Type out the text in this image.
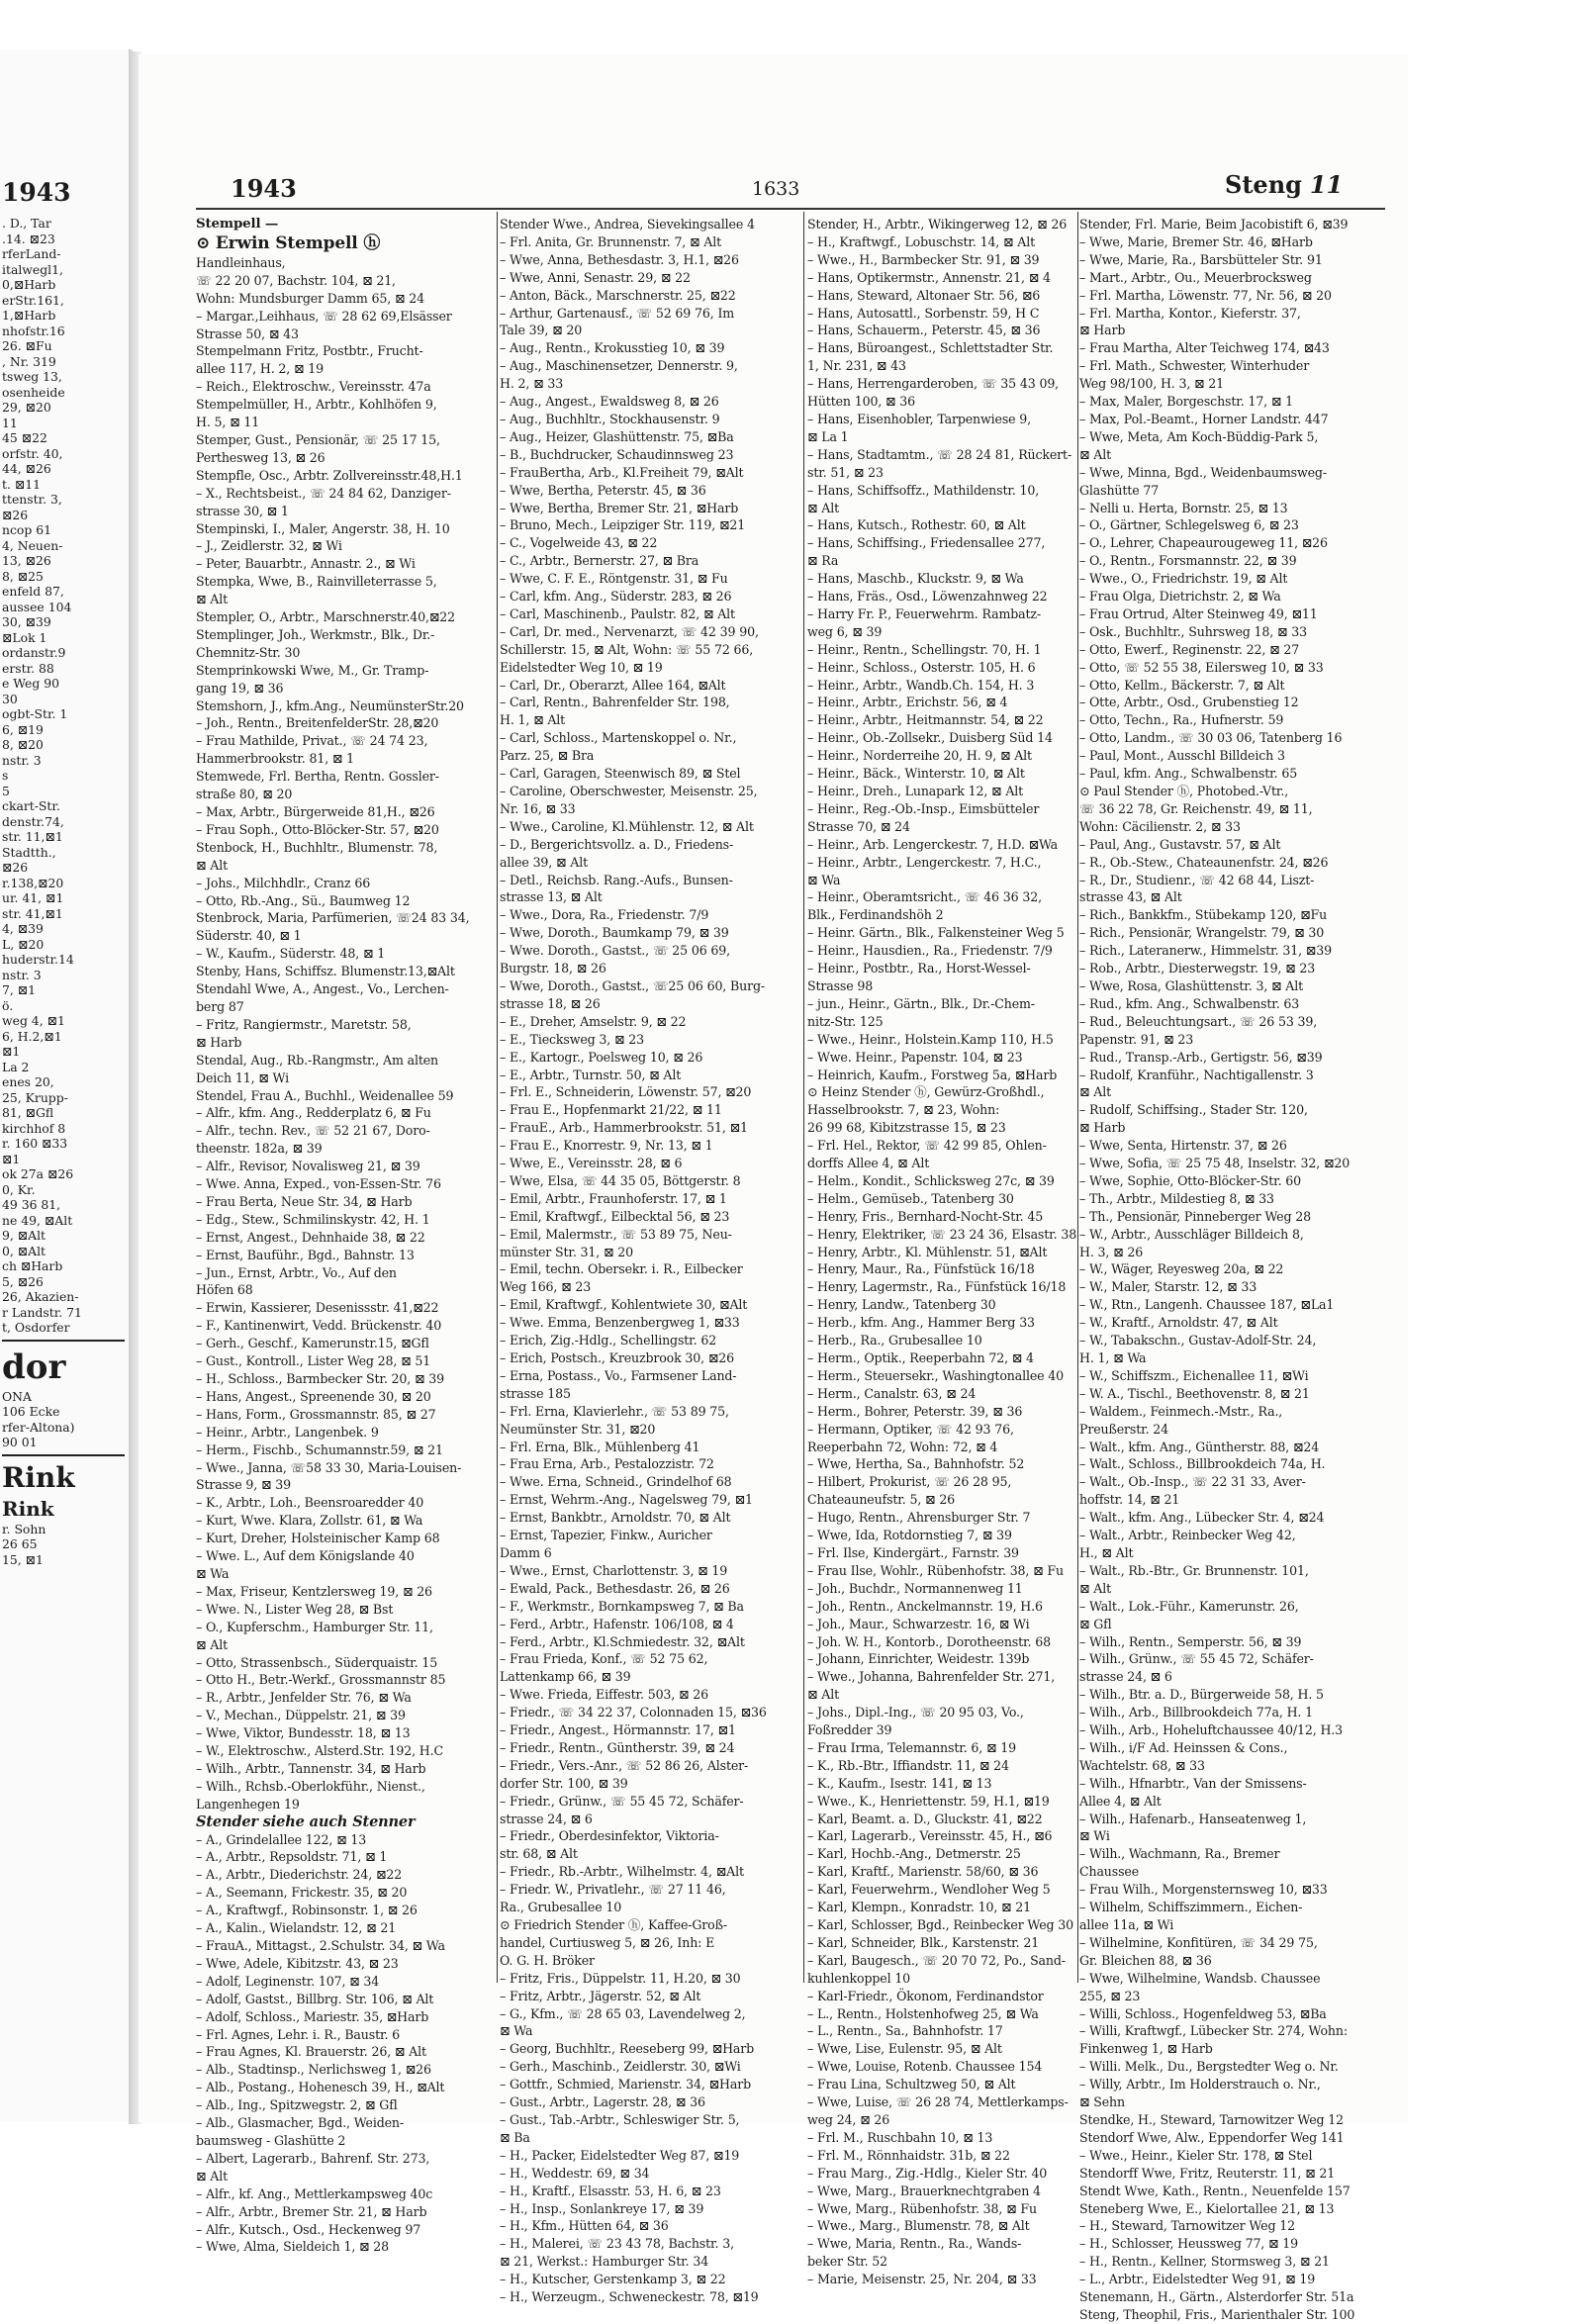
1943
. D., Tar
.14. ⊠23
rferLand-
italwegl1,
0,⊠Harb
erStr.161,
1,⊠Harb
nhofstr.16
26. ⊠Fu
, Nr. 319
tsweg 13,
osenheide
29, ⊠20
11
45 ⊠22
orfstr. 40,
44, ⊠26
t. ⊠11
ttenstr. 3,
⊠26
ncop 61
4, Neuen-
13, ⊠26
8, ⊠25
enfeld 87,
aussee 104
30, ⊠39
⊠Lok 1
ordanstr.9
erstr. 88
e Weg 90
30
ogbt-Str. 1
6, ⊠19
8, ⊠20
nstr. 3
s
5
ckart-Str.
denstr.74,
str. 11,⊠1
Stadtth.,
⊠26
r.138,⊠20
ur. 41, ⊠1
str. 41,⊠1
4, ⊠39
L, ⊠20
huderstr.14
nstr. 3
7, ⊠1
ö.
weg 4, ⊠1
6, H.2,⊠1
⊠1
La 2
enes 20,
25, Krupp-
81, ⊠Gfl
kirchhof 8
r. 160 ⊠33
⊠1
ok 27a ⊠26
0, Kr.
49 36 81,
ne 49, ⊠Alt
9, ⊠Alt
0, ⊠Alt
ch ⊠Harb
5, ⊠26
26, Akazien-
r Landstr. 71
t, Osdorfer
dor
ONA
106 Ecke
rfer-Altona)
90 01
Rink
Rink
r. Sohn
26 65
15, ⊠1
1943	1633	Steng 11
Stempell —
⊙ Erwin Stempell ⓗ
Handleinhaus,
☏ 22 20 07, Bachstr. 104, ⊠ 21,
Wohn: Mundsburger Damm 65, ⊠ 24
– Margar.,Leihhaus, ☏ 28 62 69,Elsässer
Strasse 50, ⊠ 43
Stempelmann Fritz, Postbtr., Frucht-
allee 117, H. 2, ⊠ 19
– Reich., Elektroschw., Vereinsstr. 47a
Stempelmüller, H., Arbtr., Kohlhöfen 9,
H. 5, ⊠ 11
Stemper, Gust., Pensionär, ☏ 25 17 15,
Perthesweg 13, ⊠ 26
Stempfle, Osc., Arbtr. Zollvereinsstr.48,H.1
– X., Rechtsbeist., ☏ 24 84 62, Danziger-
strasse 30, ⊠ 1
Stempinski, I., Maler, Angerstr. 38, H. 10
– J., Zeidlerstr. 32, ⊠ Wi
– Peter, Bauarbtr., Annastr. 2., ⊠ Wi
Stempka, Wwe, B., Rainvilleterrasse 5,
⊠ Alt
Stempler, O., Arbtr., Marschnerstr.40,⊠22
Stemplinger, Joh., Werkmstr., Blk., Dr.-
Chemnitz-Str. 30
Stemprinkowski Wwe, M., Gr. Tramp-
gang 19, ⊠ 36
Stemshorn, J., kfm.Ang., NeumünsterStr.20
– Joh., Rentn., BreitenfelderStr. 28,⊠20
– Frau Mathilde, Privat., ☏ 24 74 23,
Hammerbrookstr. 81, ⊠ 1
Stemwede, Frl. Bertha, Rentn. Gossler-
straße 80, ⊠ 20
– Max, Arbtr., Bürgerweide 81,H., ⊠26
– Frau Soph., Otto-Blöcker-Str. 57, ⊠20
Stenbock, H., Buchhltr., Blumenstr. 78,
⊠ Alt
– Johs., Milchhdlr., Cranz 66
– Otto, Rb.-Ang., Sü., Baumweg 12
Stenbrock, Maria, Parfümerien, ☏24 83 34,
Süderstr. 40, ⊠ 1
– W., Kaufm., Süderstr. 48, ⊠ 1
Stenby, Hans, Schiffsz. Blumenstr.13,⊠Alt
Stendahl Wwe, A., Angest., Vo., Lerchen-
berg 87
– Fritz, Rangiermstr., Maretstr. 58,
⊠ Harb
Stendal, Aug., Rb.-Rangmstr., Am alten
Deich 11, ⊠ Wi
Stendel, Frau A., Buchhl., Weidenallee 59
– Alfr., kfm. Ang., Redderplatz 6, ⊠ Fu
– Alfr., techn. Rev., ☏ 52 21 67, Doro-
theenstr. 182a, ⊠ 39
– Alfr., Revisor, Novalisweg 21, ⊠ 39
– Wwe. Anna, Exped., von-Essen-Str. 76
– Frau Berta, Neue Str. 34, ⊠ Harb
– Edg., Stew., Schmilinskystr. 42, H. 1
– Ernst, Angest., Dehnhaide 38, ⊠ 22
– Ernst, Bauführ., Bgd., Bahnstr. 13
– Jun., Ernst, Arbtr., Vo., Auf den
Höfen 68
– Erwin, Kassierer, Desenissstr. 41,⊠22
– F., Kantinenwirt, Vedd. Brückenstr. 40
– Gerh., Geschf., Kamerunstr.15, ⊠Gfl
– Gust., Kontroll., Lister Weg 28, ⊠ 51
– H., Schloss., Barmbecker Str. 20, ⊠ 39
– Hans, Angest., Spreenende 30, ⊠ 20
– Hans, Form., Grossmannstr. 85, ⊠ 27
– Heinr., Arbtr., Langenbek. 9
– Herm., Fischb., Schumannstr.59, ⊠ 21
– Wwe., Janna, ☏58 33 30, Maria-Louisen-
Strasse 9, ⊠ 39
– K., Arbtr., Loh., Beensroaredder 40
– Kurt, Wwe. Klara, Zollstr. 61, ⊠ Wa
– Kurt, Dreher, Holsteinischer Kamp 68
– Wwe. L., Auf dem Königslande 40
⊠ Wa
– Max, Friseur, Kentzlersweg 19, ⊠ 26
– Wwe. N., Lister Weg 28, ⊠ Bst
– O., Kupferschm., Hamburger Str. 11,
⊠ Alt
– Otto, Strassenbsch., Süderquaistr. 15
– Otto H., Betr.-Werkf., Grossmannstr 85
– R., Arbtr., Jenfelder Str. 76, ⊠ Wa
– V., Mechan., Düppelstr. 21, ⊠ 39
– Wwe, Viktor, Bundesstr. 18, ⊠ 13
– W., Elektroschw., Alsterd.Str. 192, H.C
– Wilh., Arbtr., Tannenstr. 34, ⊠ Harb
– Wilh., Rchsb.-Oberlokführ., Nienst.,
Langenhegen 19
Stender siehe auch Stenner
– A., Grindelallee 122, ⊠ 13
– A., Arbtr., Repsoldstr. 71, ⊠ 1
– A., Arbtr., Diederichstr. 24, ⊠22
– A., Seemann, Frickestr. 35, ⊠ 20
– A., Kraftwgf., Robinsonstr. 1, ⊠ 26
– A., Kalin., Wielandstr. 12, ⊠ 21
– FrauA., Mittagst., 2.Schulstr. 34, ⊠ Wa
– Wwe, Adele, Kibitzstr. 43, ⊠ 23
– Adolf, Leginenstr. 107, ⊠ 34
– Adolf, Gastst., Billbrg. Str. 106, ⊠ Alt
– Adolf, Schloss., Mariestr. 35, ⊠Harb
– Frl. Agnes, Lehr. i. R., Baustr. 6
– Frau Agnes, Kl. Brauerstr. 26, ⊠ Alt
– Alb., Stadtinsp., Nerlichsweg 1, ⊠26
– Alb., Postang., Hohenesch 39, H., ⊠Alt
– Alb., Ing., Spitzwegstr. 2, ⊠ Gfl
– Alb., Glasmacher, Bgd., Weiden-
baumsweg - Glashütte 2
– Albert, Lagerarb., Bahrenf. Str. 273,
⊠ Alt
– Alfr., kf. Ang., Mettlerkampsweg 40c
– Alfr., Arbtr., Bremer Str. 21, ⊠ Harb
– Alfr., Kutsch., Osd., Heckenweg 97
– Wwe, Alma, Sieldeich 1, ⊠ 28
Stender Wwe., Andrea, Sievekingsallee 4
– Frl. Anita, Gr. Brunnenstr. 7, ⊠ Alt
– Wwe, Anna, Bethesdastr. 3, H.1, ⊠26
– Wwe, Anni, Senastr. 29, ⊠ 22
– Anton, Bäck., Marschnerstr. 25, ⊠22
– Arthur, Gartenausf., ☏ 52 69 76, Im
Tale 39, ⊠ 20
– Aug., Rentn., Krokusstieg 10, ⊠ 39
– Aug., Maschinensetzer, Dennerstr. 9,
H. 2, ⊠ 33
– Aug., Angest., Ewaldsweg 8, ⊠ 26
– Aug., Buchhltr., Stockhausenstr. 9
– Aug., Heizer, Glashüttenstr. 75, ⊠Ba
– B., Buchdrucker, Schaudinnsweg 23
– FrauBertha, Arb., Kl.Freiheit 79, ⊠Alt
– Wwe, Bertha, Peterstr. 45, ⊠ 36
– Wwe, Bertha, Bremer Str. 21, ⊠Harb
– Bruno, Mech., Leipziger Str. 119, ⊠21
– C., Vogelweide 43, ⊠ 22
– C., Arbtr., Bernerstr. 27, ⊠ Bra
– Wwe, C. F. E., Röntgenstr. 31, ⊠ Fu
– Carl, kfm. Ang., Süderstr. 283, ⊠ 26
– Carl, Maschinenb., Paulstr. 82, ⊠ Alt
– Carl, Dr. med., Nervenarzt, ☏ 42 39 90,
Schillerstr. 15, ⊠ Alt, Wohn: ☏ 55 72 66,
Eidelstedter Weg 10, ⊠ 19
– Carl, Dr., Oberarzt, Allee 164, ⊠Alt
– Carl, Rentn., Bahrenfelder Str. 198,
H. 1, ⊠ Alt
– Carl, Schloss., Martenskoppel o. Nr.,
Parz. 25, ⊠ Bra
– Carl, Garagen, Steenwisch 89, ⊠ Stel
– Caroline, Oberschwester, Meisenstr. 25,
Nr. 16, ⊠ 33
– Wwe., Caroline, Kl.Mühlenstr. 12, ⊠ Alt
– D., Bergerichtsvollz. a. D., Friedens-
allee 39, ⊠ Alt
– Detl., Reichsb. Rang.-Aufs., Bunsen-
strasse 13, ⊠ Alt
– Wwe., Dora, Ra., Friedenstr. 7/9
– Wwe, Doroth., Baumkamp 79, ⊠ 39
– Wwe. Doroth., Gastst., ☏ 25 06 69,
Burgstr. 18, ⊠ 26
– Wwe, Doroth., Gastst., ☏25 06 60, Burg-
strasse 18, ⊠ 26
– E., Dreher, Amselstr. 9, ⊠ 22
– E., Tiecksweg 3, ⊠ 23
– E., Kartogr., Poelsweg 10, ⊠ 26
– E., Arbtr., Turnstr. 50, ⊠ Alt
– Frl. E., Schneiderin, Löwenstr. 57, ⊠20
– Frau E., Hopfenmarkt 21/22, ⊠ 11
– FrauE., Arb., Hammerbrookstr. 51, ⊠1
– Frau E., Knorrestr. 9, Nr. 13, ⊠ 1
– Wwe, E., Vereinsstr. 28, ⊠ 6
– Wwe, Elsa, ☏ 44 35 05, Böttgerstr. 8
– Emil, Arbtr., Fraunhoferstr. 17, ⊠ 1
– Emil, Kraftwgf., Eilbecktal 56, ⊠ 23
– Emil, Malermstr., ☏ 53 89 75, Neu-
münster Str. 31, ⊠ 20
– Emil, techn. Obersekr. i. R., Eilbecker
Weg 166, ⊠ 23
– Emil, Kraftwgf., Kohlentwiete 30, ⊠Alt
– Wwe. Emma, Benzenbergweg 1, ⊠33
– Erich, Zig.-Hdlg., Schellingstr. 62
– Erich, Postsch., Kreuzbrook 30, ⊠26
– Erna, Postass., Vo., Farmsener Land-
strasse 185
– Frl. Erna, Klavierlehr., ☏ 53 89 75,
Neumünster Str. 31, ⊠20
– Frl. Erna, Blk., Mühlenberg 41
– Frau Erna, Arb., Pestalozzistr. 72
– Wwe. Erna, Schneid., Grindelhof 68
– Ernst, Wehrm.-Ang., Nagelsweg 79, ⊠1
– Ernst, Bankbtr., Arnoldstr. 70, ⊠ Alt
– Ernst, Tapezier, Finkw., Auricher
Damm 6
– Wwe., Ernst, Charlottenstr. 3, ⊠ 19
– Ewald, Pack., Bethesdastr. 26, ⊠ 26
– F., Werkmstr., Bornkampsweg 7, ⊠ Ba
– Ferd., Arbtr., Hafenstr. 106/108, ⊠ 4
– Ferd., Arbtr., Kl.Schmiedestr. 32, ⊠Alt
– Frau Frieda, Konf., ☏ 52 75 62,
Lattenkamp 66, ⊠ 39
– Wwe. Frieda, Eiffestr. 503, ⊠ 26
– Friedr., ☏ 34 22 37, Colonnaden 15, ⊠36
– Friedr., Angest., Hörmannstr. 17, ⊠1
– Friedr., Rentn., Güntherstr. 39, ⊠ 24
– Friedr., Vers.-Anr., ☏ 52 86 26, Alster-
dorfer Str. 100, ⊠ 39
– Friedr., Grünw., ☏ 55 45 72, Schäfer-
strasse 24, ⊠ 6
– Friedr., Oberdesinfektor, Viktoria-
str. 68, ⊠ Alt
– Friedr., Rb.-Arbtr., Wilhelmstr. 4, ⊠Alt
– Friedr. W., Privatlehr., ☏ 27 11 46,
Ra., Grubesallee 10
⊙ Friedrich Stender ⓗ, Kaffee-Groß-
handel, Curtiusweg 5, ⊠ 26, Inh: E
O. G. H. Bröker
– Fritz, Fris., Düppelstr. 11, H.20, ⊠ 30
– Fritz, Arbtr., Jägerstr. 52, ⊠ Alt
– G., Kfm., ☏ 28 65 03, Lavendelweg 2,
⊠ Wa
– Georg, Buchhltr., Reeseberg 99, ⊠Harb
– Gerh., Maschinb., Zeidlerstr. 30, ⊠Wi
– Gottfr., Schmied, Marienstr. 34, ⊠Harb
– Gust., Arbtr., Lagerstr. 28, ⊠ 36
– Gust., Tab.-Arbtr., Schleswiger Str. 5,
⊠ Ba
– H., Packer, Eidelstedter Weg 87, ⊠19
– H., Weddestr. 69, ⊠ 34
– H., Kraftf., Elsasstr. 53, H. 6, ⊠ 23
– H., Insp., Sonlankreye 17, ⊠ 39
– H., Kfm., Hütten 64, ⊠ 36
– H., Malerei, ☏ 23 43 78, Bachstr. 3,
⊠ 21, Werkst.: Hamburger Str. 34
– H., Kutscher, Gerstenkamp 3, ⊠ 22
– H., Werzeugm., Schweneckestr. 78, ⊠19
Stender, H., Arbtr., Wikingerweg 12, ⊠ 26
– H., Kraftwgf., Lobuschstr. 14, ⊠ Alt
– Wwe., H., Barmbecker Str. 91, ⊠ 39
– Hans, Optikermstr., Annenstr. 21, ⊠ 4
– Hans, Steward, Altonaer Str. 56, ⊠6
– Hans, Autosattl., Sorbenstr. 59, H C
– Hans, Schauerm., Peterstr. 45, ⊠ 36
– Hans, Büroangest., Schlettstadter Str.
1, Nr. 231, ⊠ 43
– Hans, Herrengarderoben, ☏ 35 43 09,
Hütten 100, ⊠ 36
– Hans, Eisenhobler, Tarpenwiese 9,
⊠ La 1
– Hans, Stadtamtm., ☏ 28 24 81, Rückert-
str. 51, ⊠ 23
– Hans, Schiffsoffz., Mathildenstr. 10,
⊠ Alt
– Hans, Kutsch., Rothestr. 60, ⊠ Alt
– Hans, Schiffsing., Friedensallee 277,
⊠ Ra
– Hans, Maschb., Kluckstr. 9, ⊠ Wa
– Hans, Fräs., Osd., Löwenzahnweg 22
– Harry Fr. P., Feuerwehrm. Rambatz-
weg 6, ⊠ 39
– Heinr., Rentn., Schellingstr. 70, H. 1
– Heinr., Schloss., Osterstr. 105, H. 6
– Heinr., Arbtr., Wandb.Ch. 154, H. 3
– Heinr., Arbtr., Erichstr. 56, ⊠ 4
– Heinr., Arbtr., Heitmannstr. 54, ⊠ 22
– Heinr., Ob.-Zollsekr., Duisberg Süd 14
– Heinr., Norderreihe 20, H. 9, ⊠ Alt
– Heinr., Bäck., Winterstr. 10, ⊠ Alt
– Heinr., Dreh., Lunapark 12, ⊠ Alt
– Heinr., Reg.-Ob.-Insp., Eimsbütteler
Strasse 70, ⊠ 24
– Heinr., Arb. Lengerckestr. 7, H.D. ⊠Wa
– Heinr., Arbtr., Lengerckestr. 7, H.C.,
⊠ Wa
– Heinr., Oberamtsricht., ☏ 46 36 32,
Blk., Ferdinandshöh 2
– Heinr. Gärtn., Blk., Falkensteiner Weg 5
– Heinr., Hausdien., Ra., Friedenstr. 7/9
– Heinr., Postbtr., Ra., Horst-Wessel-
Strasse 98
– jun., Heinr., Gärtn., Blk., Dr.-Chem-
nitz-Str. 125
– Wwe., Heinr., Holstein.Kamp 110, H.5
– Wwe. Heinr., Papenstr. 104, ⊠ 23
– Heinrich, Kaufm., Forstweg 5a, ⊠Harb
⊙ Heinz Stender ⓗ, Gewürz-Großhdl.,
Hasselbrookstr. 7, ⊠ 23, Wohn:
26 99 68, Kibitzstrasse 15, ⊠ 23
– Frl. Hel., Rektor, ☏ 42 99 85, Ohlen-
dorffs Allee 4, ⊠ Alt
– Helm., Kondit., Schlicksweg 27c, ⊠ 39
– Helm., Gemüseb., Tatenberg 30
– Henry, Fris., Bernhard-Nocht-Str. 45
– Henry, Elektriker, ☏ 23 24 36, Elsastr. 38
– Henry, Arbtr., Kl. Mühlenstr. 51, ⊠Alt
– Henry, Maur., Ra., Fünfstück 16/18
– Henry, Lagermstr., Ra., Fünfstück 16/18
– Henry, Landw., Tatenberg 30
– Herb., kfm. Ang., Hammer Berg 33
– Herb., Ra., Grubesallee 10
– Herm., Optik., Reeperbahn 72, ⊠ 4
– Herm., Steuersekr., Washingtonallee 40
– Herm., Canalstr. 63, ⊠ 24
– Herm., Bohrer, Peterstr. 39, ⊠ 36
– Hermann, Optiker, ☏ 42 93 76,
Reeperbahn 72, Wohn: 72, ⊠ 4
– Wwe, Hertha, Sa., Bahnhofstr. 52
– Hilbert, Prokurist, ☏ 26 28 95,
Chateauneufstr. 5, ⊠ 26
– Hugo, Rentn., Ahrensburger Str. 7
– Wwe, Ida, Rotdornstieg 7, ⊠ 39
– Frl. Ilse, Kindergärt., Farnstr. 39
– Frau Ilse, Wohlr., Rübenhofstr. 38, ⊠ Fu
– Joh., Buchdr., Normannenweg 11
– Joh., Rentn., Anckelmannstr. 19, H.6
– Joh., Maur., Schwarzestr. 16, ⊠ Wi
– Joh. W. H., Kontorb., Dorotheenstr. 68
– Johann, Einrichter, Weidestr. 139b
– Wwe., Johanna, Bahrenfelder Str. 271,
⊠ Alt
– Johs., Dipl.-Ing., ☏ 20 95 03, Vo.,
Foßredder 39
– Frau Irma, Telemannstr. 6, ⊠ 19
– K., Rb.-Btr., Iffiandstr. 11, ⊠ 24
– K., Kaufm., Isestr. 141, ⊠ 13
– Wwe., K., Henriettenstr. 59, H.1, ⊠19
– Karl, Beamt. a. D., Gluckstr. 41, ⊠22
– Karl, Lagerarb., Vereinsstr. 45, H., ⊠6
– Karl, Hochb.-Ang., Detmerstr. 25
– Karl, Kraftf., Marienstr. 58/60, ⊠ 36
– Karl, Feuerwehrm., Wendloher Weg 5
– Karl, Klempn., Konradstr. 10, ⊠ 21
– Karl, Schlosser, Bgd., Reinbecker Weg 30
– Karl, Schneider, Blk., Karstenstr. 21
– Karl, Baugesch., ☏ 20 70 72, Po., Sand-
kuhlenkoppel 10
– Karl-Friedr., Ökonom, Ferdinandstor
– L., Rentn., Holstenhofweg 25, ⊠ Wa
– L., Rentn., Sa., Bahnhofstr. 17
– Wwe, Lise, Eulenstr. 95, ⊠ Alt
– Wwe, Louise, Rotenb. Chaussee 154
– Frau Lina, Schultzweg 50, ⊠ Alt
– Wwe, Luise, ☏ 26 28 74, Mettlerkamps-
weg 24, ⊠ 26
– Frl. M., Ruschbahn 10, ⊠ 13
– Frl. M., Rönnhaidstr. 31b, ⊠ 22
– Frau Marg., Zig.-Hdlg., Kieler Str. 40
– Wwe, Marg., Brauerknechtgraben 4
– Wwe, Marg., Rübenhofstr. 38, ⊠ Fu
– Wwe., Marg., Blumenstr. 78, ⊠ Alt
– Wwe, Maria, Rentn., Ra., Wands-
beker Str. 52
– Marie, Meisenstr. 25, Nr. 204, ⊠ 33
Stender, Frl. Marie, Beim Jacobistift 6, ⊠39
– Wwe, Marie, Bremer Str. 46, ⊠Harb
– Wwe, Marie, Ra., Barsbütteler Str. 91
– Mart., Arbtr., Ou., Meuerbrocksweg
– Frl. Martha, Löwenstr. 77, Nr. 56, ⊠ 20
– Frl. Martha, Kontor., Kieferstr. 37,
⊠ Harb
– Frau Martha, Alter Teichweg 174, ⊠43
– Frl. Math., Schwester, Winterhuder
Weg 98/100, H. 3, ⊠ 21
– Max, Maler, Borgeschstr. 17, ⊠ 1
– Max, Pol.-Beamt., Horner Landstr. 447
– Wwe, Meta, Am Koch-Büddig-Park 5,
⊠ Alt
– Wwe, Minna, Bgd., Weidenbaumsweg-
Glashütte 77
– Nelli u. Herta, Bornstr. 25, ⊠ 13
– O., Gärtner, Schlegelsweg 6, ⊠ 23
– O., Lehrer, Chapeaurougeweg 11, ⊠26
– O., Rentn., Forsmannstr. 22, ⊠ 39
– Wwe., O., Friedrichstr. 19, ⊠ Alt
– Frau Olga, Dietrichstr. 2, ⊠ Wa
– Frau Ortrud, Alter Steinweg 49, ⊠11
– Osk., Buchhltr., Suhrsweg 18, ⊠ 33
– Otto, Ewerf., Reginenstr. 22, ⊠ 27
– Otto, ☏ 52 55 38, Eilersweg 10, ⊠ 33
– Otto, Kellm., Bäckerstr. 7, ⊠ Alt
– Otte, Arbtr., Osd., Grubenstieg 12
– Otto, Techn., Ra., Hufnerstr. 59
– Otto, Landm., ☏ 30 03 06, Tatenberg 16
– Paul, Mont., Ausschl Billdeich 3
– Paul, kfm. Ang., Schwalbenstr. 65
⊙ Paul Stender ⓗ, Photobed.-Vtr.,
☏ 36 22 78, Gr. Reichenstr. 49, ⊠ 11,
Wohn: Cäcilienstr. 2, ⊠ 33
– Paul, Ang., Gustavstr. 57, ⊠ Alt
– R., Ob.-Stew., Chateaunenfstr. 24, ⊠26
– R., Dr., Studienr., ☏ 42 68 44, Liszt-
strasse 43, ⊠ Alt
– Rich., Bankkfm., Stübekamp 120, ⊠Fu
– Rich., Pensionär, Wrangelstr. 79, ⊠ 30
– Rich., Lateranerw., Himmelstr. 31, ⊠39
– Rob., Arbtr., Diesterwegstr. 19, ⊠ 23
– Wwe, Rosa, Glashüttenstr. 3, ⊠ Alt
– Rud., kfm. Ang., Schwalbenstr. 63
– Rud., Beleuchtungsart., ☏ 26 53 39,
Papenstr. 91, ⊠ 23
– Rud., Transp.-Arb., Gertigstr. 56, ⊠39
– Rudolf, Kranführ., Nachtigallenstr. 3
⊠ Alt
– Rudolf, Schiffsing., Stader Str. 120,
⊠ Harb
– Wwe, Senta, Hirtenstr. 37, ⊠ 26
– Wwe, Sofia, ☏ 25 75 48, Inselstr. 32, ⊠20
– Wwe, Sophie, Otto-Blöcker-Str. 60
– Th., Arbtr., Mildestieg 8, ⊠ 33
– Th., Pensionär, Pinneberger Weg 28
– W., Arbtr., Ausschläger Billdeich 8,
H. 3, ⊠ 26
– W., Wäger, Reyesweg 20a, ⊠ 22
– W., Maler, Starstr. 12, ⊠ 33
– W., Rtn., Langenh. Chaussee 187, ⊠La1
– W., Kraftf., Arnoldstr. 47, ⊠ Alt
– W., Tabakschn., Gustav-Adolf-Str. 24,
H. 1, ⊠ Wa
– W., Schiffszm., Eichenallee 11, ⊠Wi
– W. A., Tischl., Beethovenstr. 8, ⊠ 21
– Waldem., Feinmech.-Mstr., Ra.,
Preußerstr. 24
– Walt., kfm. Ang., Güntherstr. 88, ⊠24
– Walt., Schloss., Billbrookdeich 74a, H.
– Walt., Ob.-Insp., ☏ 22 31 33, Aver-
hoffstr. 14, ⊠ 21
– Walt., kfm. Ang., Lübecker Str. 4, ⊠24
– Walt., Arbtr., Reinbecker Weg 42,
H., ⊠ Alt
– Walt., Rb.-Btr., Gr. Brunnenstr. 101,
⊠ Alt
– Walt., Lok.-Führ., Kamerunstr. 26,
⊠ Gfl
– Wilh., Rentn., Semperstr. 56, ⊠ 39
– Wilh., Grünw., ☏ 55 45 72, Schäfer-
strasse 24, ⊠ 6
– Wilh., Btr. a. D., Bürgerweide 58, H. 5
– Wilh., Arb., Billbrookdeich 77a, H. 1
– Wilh., Arb., Hoheluftchaussee 40/12, H.3
– Wilh., i/F Ad. Heinssen & Cons.,
Wachtelstr. 68, ⊠ 33
– Wilh., Hfnarbtr., Van der Smissens-
Allee 4, ⊠ Alt
– Wilh., Hafenarb., Hanseatenweg 1,
⊠ Wi
– Wilh., Wachmann, Ra., Bremer
Chaussee
– Frau Wilh., Morgensternsweg 10, ⊠33
– Wilhelm, Schiffszimmern., Eichen-
allee 11a, ⊠ Wi
– Wilhelmine, Konfitüren, ☏ 34 29 75,
Gr. Bleichen 88, ⊠ 36
– Wwe, Wilhelmine, Wandsb. Chaussee
255, ⊠ 23
– Willi, Schloss., Hogenfeldweg 53, ⊠Ba
– Willi, Kraftwgf., Lübecker Str. 274, Wohn:
Finkenweg 1, ⊠ Harb
– Willi. Melk., Du., Bergstedter Weg o. Nr.
– Willy, Arbtr., Im Holderstrauch o. Nr.,
⊠ Sehn
Stendke, H., Steward, Tarnowitzer Weg 12
Stendorf Wwe, Alw., Eppendorfer Weg 141
– Wwe., Heinr., Kieler Str. 178, ⊠ Stel
Stendorff Wwe, Fritz, Reuterstr. 11, ⊠ 21
Stendt Wwe, Kath., Rentn., Neuenfelde 157
Steneberg Wwe, E., Kielortallee 21, ⊠ 13
– H., Steward, Tarnowitzer Weg 12
– H., Schlosser, Heussweg 77, ⊠ 19
– H., Rentn., Kellner, Stormsweg 3, ⊠ 21
– L., Arbtr., Eidelstedter Weg 91, ⊠ 19
Stenemann, H., Gärtn., Alsterdorfer Str. 51a
Steng, Theophil, Fris., Marienthaler Str. 100
